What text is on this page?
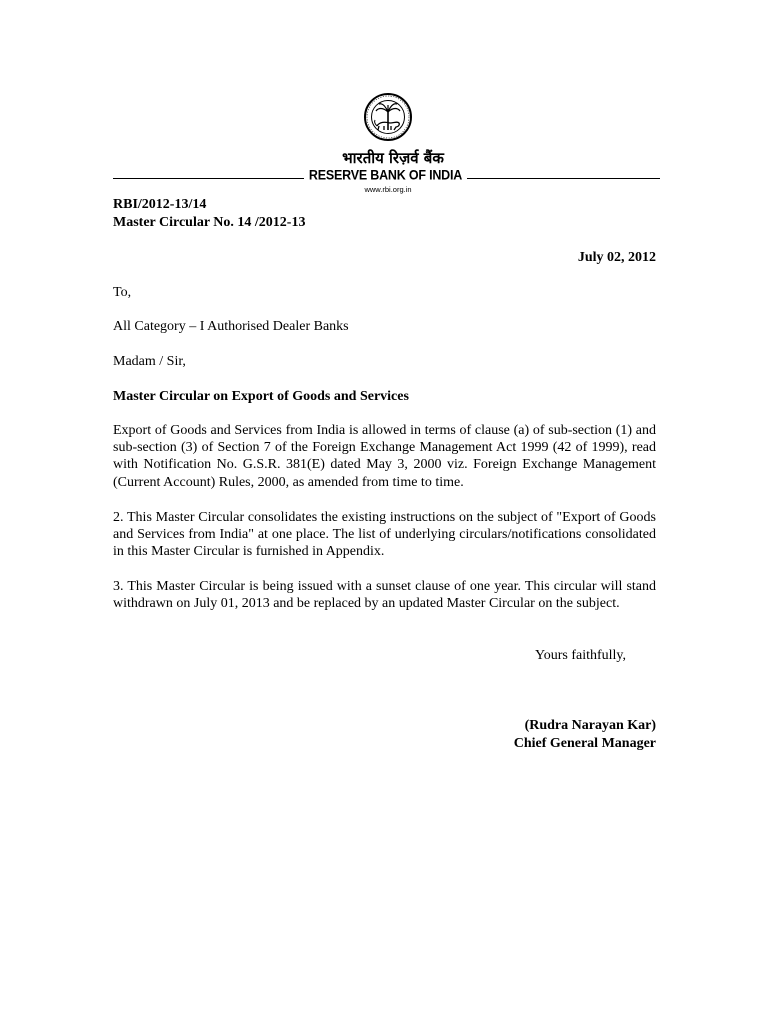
भारतीय रिज़र्व बैंक
RESERVE BANK OF INDIA
www.rbi.org.in
RBI/2012-13/14
Master Circular No. 14 /2012-13
July 02, 2012
To,
All Category – I Authorised Dealer Banks
Madam / Sir,
Master Circular on Export of Goods and Services
Export of Goods and Services from India is allowed in terms of clause (a) of sub-section (1) and sub-section (3) of Section 7 of the Foreign Exchange Management Act 1999 (42 of 1999), read with Notification No. G.S.R. 381(E) dated May 3, 2000 viz. Foreign Exchange Management (Current Account) Rules, 2000, as amended from time to time.
2. This Master Circular consolidates the existing instructions on the subject of "Export of Goods and Services from India" at one place. The list of underlying circulars/notifications consolidated in this Master Circular is furnished in Appendix.
3. This Master Circular is being issued with a sunset clause of one year. This circular will stand withdrawn on July 01, 2013 and be replaced by an updated Master Circular on the subject.
Yours faithfully,
(Rudra Narayan Kar)
Chief General Manager
